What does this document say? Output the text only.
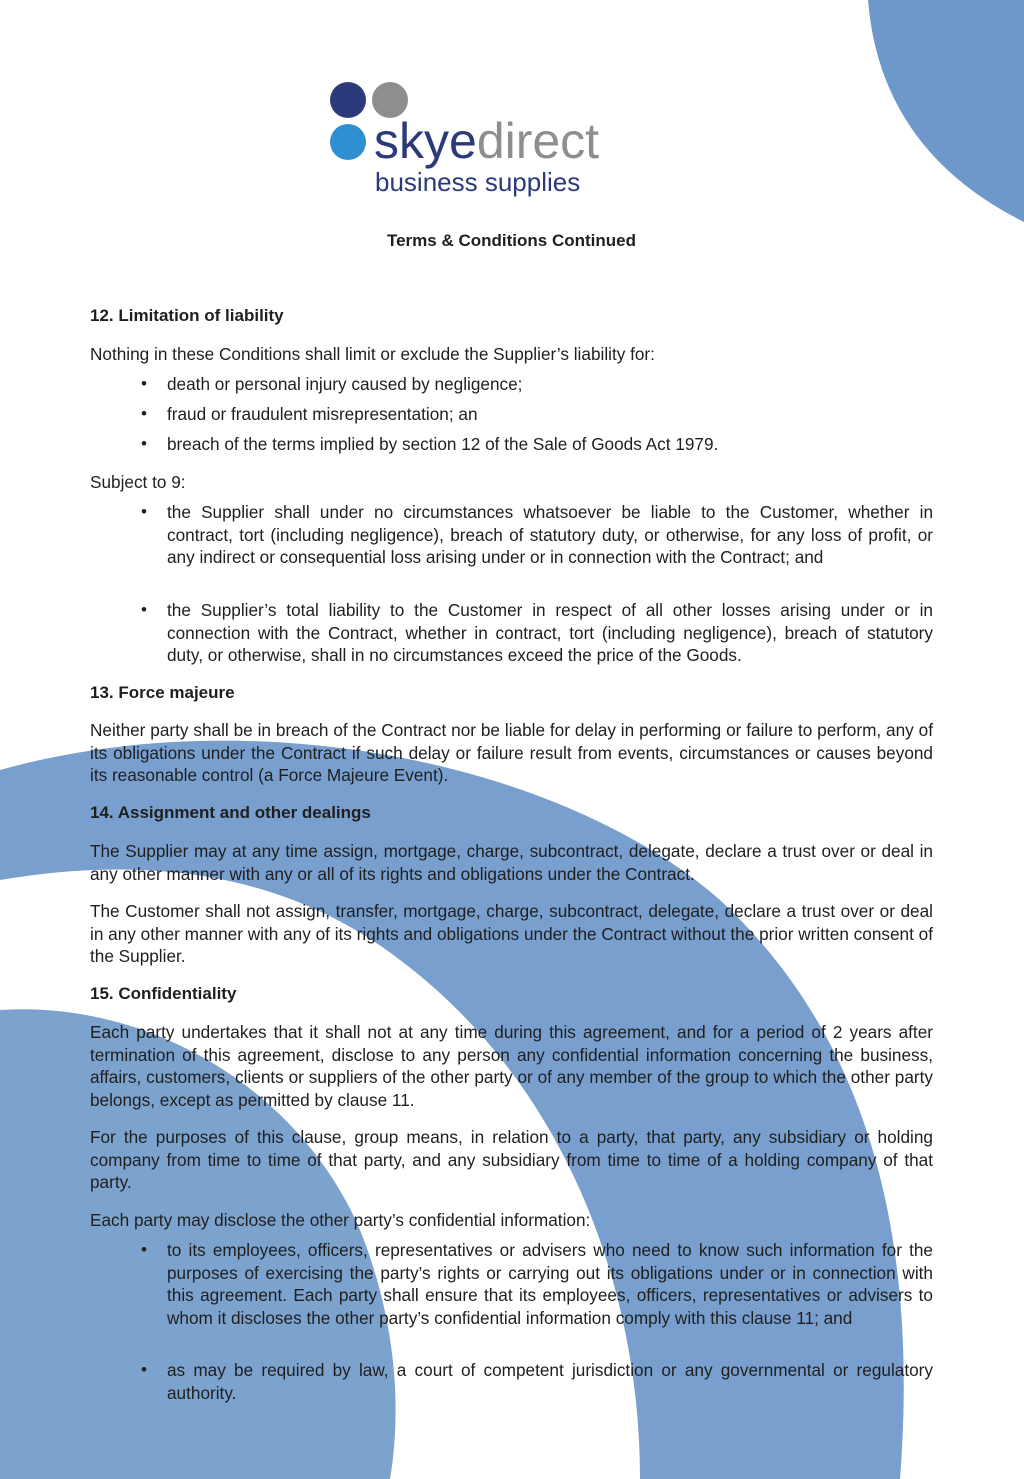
skyedirect
business supplies
Terms & Conditions Continued
12. Limitation of liability

Nothing in these Conditions shall limit or exclude the Supplier’s liability for:

• death or personal injury caused by negligence;
• fraud or fraudulent misrepresentation; an
• breach of the terms implied by section 12 of the Sale of Goods Act 1979.

Subject to 9:

• the Supplier shall under no circumstances whatsoever be liable to the Customer, whether in contract, tort (including negligence), breach of statutory duty, or otherwise, for any loss of profit, or any indirect or consequential loss arising under or in connection with the Contract; and
• the Supplier’s total liability to the Customer in respect of all other losses arising under or in connection with the Contract, whether in contract, tort (including negligence), breach of statutory duty, or otherwise, shall in no circumstances exceed the price of the Goods.
13. Force majeure

Neither party shall be in breach of the Contract nor be liable for delay in performing or failure to perform, any of its obligations under the Contract if such delay or failure result from events, circumstances or causes beyond its reasonable control (a Force Majeure Event).

14. Assignment and other dealings

The Supplier may at any time assign, mortgage, charge, subcontract, delegate, declare a trust over or deal in any other manner with any or all of its rights and obligations under the Contract.

The Customer shall not assign, transfer, mortgage, charge, subcontract, delegate, declare a trust over or deal in any other manner with any of its rights and obligations under the Contract without the prior written consent of the Supplier.

15. Confidentiality

Each party undertakes that it shall not at any time during this agreement, and for a period of 2 years after termination of this agreement, disclose to any person any confidential information concerning the business, affairs, customers, clients or suppliers of the other party or of any member of the group to which the other party belongs, except as permitted by clause 11.

For the purposes of this clause, group means, in relation to a party, that party, any subsidiary or holding company from time to time of that party, and any subsidiary from time to time of a holding company of that party.

Each party may disclose the other party’s confidential information:

• to its employees, officers, representatives or advisers who need to know such information for the purposes of exercising the party’s rights or carrying out its obligations under or in connection with this agreement. Each party shall ensure that its employees, officers, representatives or advisers to whom it discloses the other party’s confidential information comply with this clause 11; and
• as may be required by law, a court of competent jurisdiction or any governmental or regulatory authority.
